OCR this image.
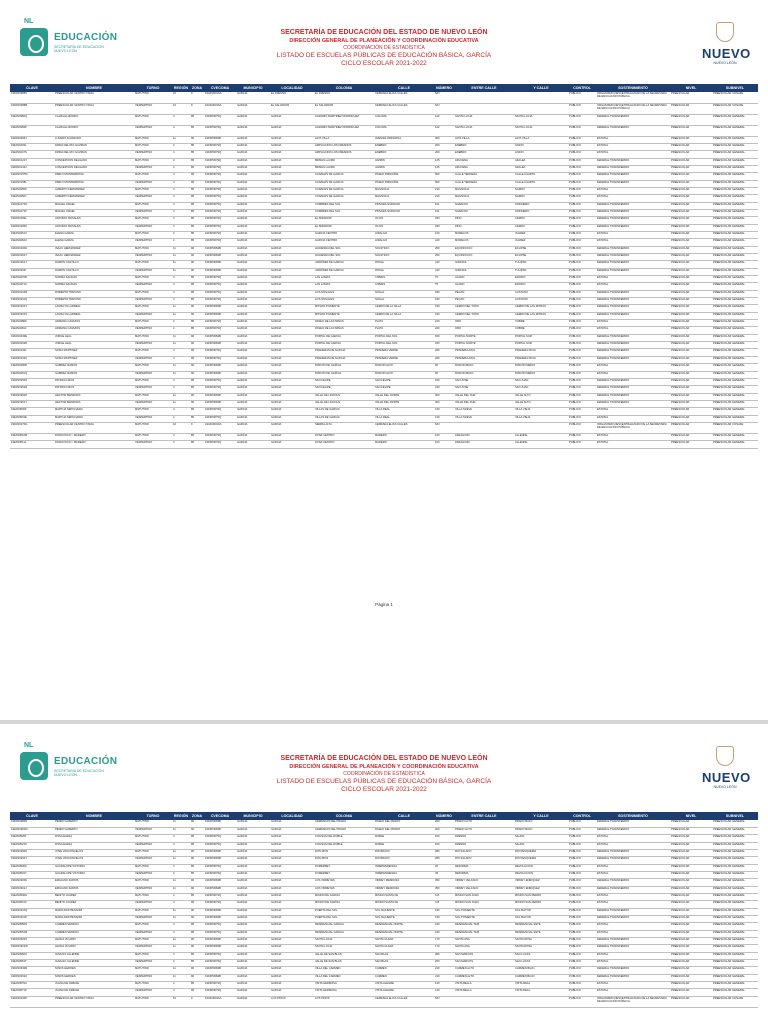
NL
EDUCACIÓN
SECRETARÍA DE EDUCACIÓN · NUEVO LEÓN
SECRETARÍA DE EDUCACIÓN DEL ESTADO DE NUEVO LEÓN
DIRECCIÓN GENERAL DE PLANEACIÓN Y COORDINACIÓN EDUCATIVA
COORDINACIÓN DE ESTADÍSTICA
LISTADO DE ESCUELAS PÚBLICAS DE EDUCACIÓN BÁSICA, GARCÍA
CICLO ESCOLAR 2021-2022
NUEVO
NUEVO LEÓN
CLAVE	NOMBRE	TURNO	REGIÓN	ZONA	CVECOMA	MUNICIPIO	LOCALIDAD	COLONIA	CALLE	NÚMERO	ENTRE CALLE	Y CALLE	CONTROL	SOSTENIMIENTO	NIVEL	SUBNIVEL
19DJN0085C	PREESCOLAR CENTRO TANIA	MATUTINO	10	9	19ADU0016A	GARCÍA	EL FRESNO	EL FRESNO	CERRADA ELÍAS CALLES	S/N			PÚBLICO	ORGANISMO DESCENTRALIZADO DE LA SECRETARÍA DE EDUCACIÓN PÚBLICA	PREESCOLAR	PREESCOLAR CONAFE
19DJN0086B	PREESCOLAR CENTRO TANIA	VESPERTINO	10	9	19ADU0016A	GARCÍA	EL SALVADOR	EL SALVADOR	CERRADA ELÍAS CALLES	S/N			PÚBLICO	ORGANISMO DESCENTRALIZADO DE LA SECRETARÍA DE EDUCACIÓN PÚBLICA	PREESCOLAR	PREESCOLAR CONAFE
19EJN0382Q	CLARA ELIZONDO	MATUTINO	4	85	19FZP0079Q	GARCÍA	GARCÍA	AGRARIO MARTINEZ DOMÍNGUEZ	COLOMA	122	SANTA LUCÍA	SANTA LUCÍA	PÚBLICO	FEDERAL TRANSFERIDO	PREESCOLAR	PREESCOLAR GENERAL
19EJN0383P	CLARA ELIZONDO	VESPERTINO	4	85	19FZP0079Q	GARCÍA	GARCÍA	AGRARIO MARTINEZ DOMÍNGUEZ	COLOMA	122	SANTA LUCÍA	SANTA LUCÍA	PÚBLICO	FEDERAL TRANSFERIDO	PREESCOLAR	PREESCOLAR GENERAL
19DJN0095J	LUCERO ALVARADO	MATUTINO	11	90	19FZP0084B	GARCÍA	GARCÍA	ALTA VILLA	AVENIDA PRINCIPAL	300	ALTA VILLA	ALTA VILLA	PÚBLICO	ESTATAL	PREESCOLAR	PREESCOLAR GENERAL
19EJN0433L	FRIDA DEL RÍO GUZMÁN	MATUTINO	4	85	19FZP0079Q	GARCÍA	GARCÍA	AMPLIACIÓN LOS FRESNOS	ENEBRO	200	ENEBRO	LIMÓN	PÚBLICO	ESTATAL	PREESCOLAR	PREESCOLAR GENERAL
19EJN0447S	FRIDA DEL RÍO GUZMÁN	VESPERTINO	4	85	19FZP0079Q	GARCÍA	GARCÍA	AMPLIACIÓN LOS FRESNOS	ENEBRO	200	ENEBRO	LIMÓN	PÚBLICO	ESTATAL	PREESCOLAR	PREESCOLAR GENERAL
19DJN0121Y	CONCEPCIÓN DELGADO	MATUTINO	4	85	19FZP0079Q	GARCÍA	GARCÍA	BRISAS LAURO	JAZMÍN	145	AZUCENA	AZALEA	PÚBLICO	FEDERAL TRANSFERIDO	PREESCOLAR	PREESCOLAR GENERAL
19DJN0143J	CONCEPCIÓN DELGADO	VESPERTINO	4	85	19FZP0079Q	GARCÍA	GARCÍA	BRISAS LAURO	JAZMÍN	145	AZUCENA	AZALEA	PÚBLICO	FEDERAL TRANSFERIDO	PREESCOLAR	PREESCOLAR GENERAL
19DJN0157M	PABLO MONTERROSA	MATUTINO	4	85	19FZP0079Q	GARCÍA	GARCÍA	CAÑADAS DE GARCÍA	PASEO PRINCIPAL	500	CALLE TERCERA	CALLE CUARTA	PÚBLICO	FEDERAL TRANSFERIDO	PREESCOLAR	PREESCOLAR GENERAL
19DJN0158L	PABLO MONTERROSA	VESPERTINO	4	85	19FZP0079Q	GARCÍA	GARCÍA	CAÑADAS DE GARCÍA	PASEO PRINCIPAL	500	CALLE TERCERA	CALLE CUARTA	PÚBLICO	FEDERAL TRANSFERIDO	PREESCOLAR	PREESCOLAR GENERAL
19EJN0455K	ALBERTO FERNÁNDEZ	MATUTINO	4	85	19FZP0079Q	GARCÍA	GARCÍA	CAÑADAS DE GARCÍA	MAGNOLIA	210	MAGNOLIA	NARDO	PÚBLICO	ESTATAL	PREESCOLAR	PREESCOLAR GENERAL
19EJN0456J	ALBERTO FERNÁNDEZ	VESPERTINO	4	85	19FZP0079Q	GARCÍA	GARCÍA	CAÑADAS DE GARCÍA	MAGNOLIA	210	MAGNOLIA	NARDO	PÚBLICO	ESTATAL	PREESCOLAR	PREESCOLAR GENERAL
19DJN0170G	MIGUEL ÁNGEL	MATUTINO	4	85	19FZP0079Q	GARCÍA	GARCÍA	CUMBRES DEL SOL	PRIVADA NARANJO	101	NARANJO	LIMONERO	PÚBLICO	FEDERAL TRANSFERIDO	PREESCOLAR	PREESCOLAR GENERAL
19DJN0171F	MIGUEL ÁNGEL	VESPERTINO	4	85	19FZP0079Q	GARCÍA	GARCÍA	CUMBRES DEL SOL	PRIVADA NARANJO	101	NARANJO	LIMONERO	PÚBLICO	FEDERAL TRANSFERIDO	PREESCOLAR	PREESCOLAR GENERAL
19DJN0182L	ANTONIO ROSALES	MATUTINO	4	85	19FZP0079Q	GARCÍA	GARCÍA	EL MIRADOR	OLIVO	330	PINO	CEDRO	PÚBLICO	FEDERAL TRANSFERIDO	PREESCOLAR	PREESCOLAR GENERAL
19DJN0183K	ANTONIO ROSALES	VESPERTINO	4	85	19FZP0079Q	GARCÍA	GARCÍA	EL MIRADOR	OLIVO	330	PINO	CEDRO	PÚBLICO	FEDERAL TRANSFERIDO	PREESCOLAR	PREESCOLAR GENERAL
19EJN0461V	ELENA GARZA	MATUTINO	4	85	19FZP0079Q	GARCÍA	GARCÍA	GARCÍA CENTRO	HIDALGO	120	MORELOS	JUÁREZ	PÚBLICO	ESTATAL	PREESCOLAR	PREESCOLAR GENERAL
19EJN0462U	ELENA GARZA	VESPERTINO	4	85	19FZP0079Q	GARCÍA	GARCÍA	GARCÍA CENTRO	HIDALGO	120	MORELOS	JUÁREZ	PÚBLICO	ESTATAL	PREESCOLAR	PREESCOLAR GENERAL
19DJN0190U	ISAAC HERNÁNDEZ	MATUTINO	11	90	19FZP0084B	GARCÍA	GARCÍA	HACIENDA DEL SOL	SOLSTICIO	250	EQUINOCCIO	ECLIPSE	PÚBLICO	FEDERAL TRANSFERIDO	PREESCOLAR	PREESCOLAR GENERAL
19DJN0191T	ISAAC HERNÁNDEZ	VESPERTINO	11	90	19FZP0084B	GARCÍA	GARCÍA	HACIENDA DEL SOL	SOLSTICIO	250	EQUINOCCIO	ECLIPSE	PÚBLICO	FEDERAL TRANSFERIDO	PREESCOLAR	PREESCOLAR GENERAL
19DJN0201J	RAMÓN CASTILLO	MATUTINO	11	90	19FZP0084B	GARCÍA	GARCÍA	JARDINES DE GARCÍA	ROSAL	410	GIRASOL	TULIPÁN	PÚBLICO	FEDERAL TRANSFERIDO	PREESCOLAR	PREESCOLAR GENERAL
19DJN0202I	RAMÓN CASTILLO	VESPERTINO	11	90	19FZP0084B	GARCÍA	GARCÍA	JARDINES DE GARCÍA	ROSAL	410	GIRASOL	TULIPÁN	PÚBLICO	FEDERAL TRANSFERIDO	PREESCOLAR	PREESCOLAR GENERAL
19EJN0470D	NORMA SALINAS	MATUTINO	4	85	19FZP0079Q	GARCÍA	GARCÍA	LAS LOMAS	CIPRÉS	75	ÁLAMO	ENCINO	PÚBLICO	ESTATAL	PREESCOLAR	PREESCOLAR GENERAL
19EJN0471C	NORMA SALINAS	VESPERTINO	4	85	19FZP0079Q	GARCÍA	GARCÍA	LAS LOMAS	CIPRÉS	75	ÁLAMO	ENCINO	PÚBLICO	ESTATAL	PREESCOLAR	PREESCOLAR GENERAL
19DJN0210R	ROBERTO TREVIÑO	MATUTINO	4	85	19FZP0079Q	GARCÍA	GARCÍA	LOS NOGALES	NOGAL	180	PECÁN	CASTAÑO	PÚBLICO	FEDERAL TRANSFERIDO	PREESCOLAR	PREESCOLAR GENERAL
19DJN0211Q	ROBERTO TREVIÑO	VESPERTINO	4	85	19FZP0079Q	GARCÍA	GARCÍA	LOS NOGALES	NOGAL	180	PECÁN	CASTAÑO	PÚBLICO	FEDERAL TRANSFERIDO	PREESCOLAR	PREESCOLAR GENERAL
19DJN0220Y	LAURA VILLARREAL	MATUTINO	11	90	19FZP0084B	GARCÍA	GARCÍA	MITRAS PONIENTE	CERRO DE LA SILLA	340	CERRO DEL TOPO	CERRO DE LAS MITRAS	PÚBLICO	FEDERAL TRANSFERIDO	PREESCOLAR	PREESCOLAR GENERAL
19DJN0221X	LAURA VILLARREAL	VESPERTINO	11	90	19FZP0084B	GARCÍA	GARCÍA	MITRAS PONIENTE	CERRO DE LA SILLA	340	CERRO DEL TOPO	CERRO DE LAS MITRAS	PÚBLICO	FEDERAL TRANSFERIDO	PREESCOLAR	PREESCOLAR GENERAL
19EJN0480K	ADRIANA CAVAZOS	MATUTINO	4	85	19FZP0079Q	GARCÍA	GARCÍA	PASEO DE LAS MINAS	PLATA	220	ORO	COBRE	PÚBLICO	ESTATAL	PREESCOLAR	PREESCOLAR GENERAL
19EJN0481J	ADRIANA CAVAZOS	VESPERTINO	4	85	19FZP0079Q	GARCÍA	GARCÍA	PASEO DE LAS MINAS	PLATA	220	ORO	COBRE	PÚBLICO	ESTATAL	PREESCOLAR	PREESCOLAR GENERAL
19DJN0230E	JORGE LEAL	MATUTINO	11	90	19FZP0084B	GARCÍA	GARCÍA	PORTAL DE GARCÍA	PORTAL DEL SOL	150	PORTAL NORTE	PORTAL SUR	PÚBLICO	FEDERAL TRANSFERIDO	PREESCOLAR	PREESCOLAR GENERAL
19DJN0231D	JORGE LEAL	VESPERTINO	11	90	19FZP0084B	GARCÍA	GARCÍA	PORTAL DE GARCÍA	PORTAL DEL SOL	150	PORTAL NORTE	PORTAL SUR	PÚBLICO	FEDERAL TRANSFERIDO	PREESCOLAR	PREESCOLAR GENERAL
19DJN0240L	SOFÍA MARTÍNEZ	MATUTINO	4	85	19FZP0079Q	GARCÍA	GARCÍA	PRADERAS DE GARCÍA	PRADERA VERDE	260	PRADERA AZUL	PRADERA ROJA	PÚBLICO	FEDERAL TRANSFERIDO	PREESCOLAR	PREESCOLAR GENERAL
19DJN0241K	SOFÍA MARTÍNEZ	VESPERTINO	4	85	19FZP0079Q	GARCÍA	GARCÍA	PRADERAS DE GARCÍA	PRADERA VERDE	260	PRADERA AZUL	PRADERA ROJA	PÚBLICO	FEDERAL TRANSFERIDO	PREESCOLAR	PREESCOLAR GENERAL
19EJN0490R	GABRIEL RAMOS	MATUTINO	11	90	19FZP0084B	GARCÍA	GARCÍA	RINCÓN DE GARCÍA	RINCÓN ALTO	90	RINCÓN BAJO	RINCÓN MEDIO	PÚBLICO	ESTATAL	PREESCOLAR	PREESCOLAR GENERAL
19EJN0491Q	GABRIEL RAMOS	VESPERTINO	11	90	19FZP0084B	GARCÍA	GARCÍA	RINCÓN DE GARCÍA	RINCÓN ALTO	90	RINCÓN BAJO	RINCÓN MEDIO	PÚBLICO	ESTATAL	PREESCOLAR	PREESCOLAR GENERAL
19DJN0250S	PATRICIA RÍOS	MATUTINO	4	85	19FZP0079Q	GARCÍA	GARCÍA	SAN FELIPE	SAN FELIPE	310	SAN JOSÉ	SAN JUAN	PÚBLICO	FEDERAL TRANSFERIDO	PREESCOLAR	PREESCOLAR GENERAL
19DJN0251R	PATRICIA RÍOS	VESPERTINO	4	85	19FZP0079Q	GARCÍA	GARCÍA	SAN FELIPE	SAN FELIPE	310	SAN JOSÉ	SAN JUAN	PÚBLICO	FEDERAL TRANSFERIDO	PREESCOLAR	PREESCOLAR GENERAL
19DJN0260Z	HÉCTOR MENDOZA	MATUTINO	11	90	19FZP0084B	GARCÍA	GARCÍA	VALLE DE LINCOLN	VALLE DEL NORTE	400	VALLE DEL SUR	VALLE ALTO	PÚBLICO	FEDERAL TRANSFERIDO	PREESCOLAR	PREESCOLAR GENERAL
19DJN0261Y	HÉCTOR MENDOZA	VESPERTINO	11	90	19FZP0084B	GARCÍA	GARCÍA	VALLE DE LINCOLN	VALLE DEL NORTE	400	VALLE DEL SUR	VALLE ALTO	PÚBLICO	FEDERAL TRANSFERIDO	PREESCOLAR	PREESCOLAR GENERAL
19EJN0500F	MARTHA SEPÚLVEDA	MATUTINO	4	85	19FZP0079Q	GARCÍA	GARCÍA	VILLAS DE GARCÍA	VILLA REAL	130	VILLA NUEVA	VILLA VIEJA	PÚBLICO	ESTATAL	PREESCOLAR	PREESCOLAR GENERAL
19EJN0501E	MARTHA SEPÚLVEDA	VESPERTINO	4	85	19FZP0079Q	GARCÍA	GARCÍA	VILLAS DE GARCÍA	VILLA REAL	130	VILLA NUEVA	VILLA VIEJA	PÚBLICO	ESTATAL	PREESCOLAR	PREESCOLAR GENERAL
19DJN0270G	PREESCOLAR CENTRO TANIA	MATUTINO	10	9	19ADU0016A	GARCÍA	GARCÍA	SIERRA ALTA	CERRADA ELÍAS CALLES	S/N			PÚBLICO	ORGANISMO DESCENTRALIZADO DE LA SECRETARÍA DE EDUCACIÓN PÚBLICA	PREESCOLAR	PREESCOLAR CONAFE
19EJN0510M	FRANCISCO I. MADERO	MATUTINO	4	85	19FZP0079Q	GARCÍA	GARCÍA	ZONA CENTRO	MADERO	100	ZARAGOZA	ALLENDE	PÚBLICO	ESTATAL	PREESCOLAR	PREESCOLAR GENERAL
19EJN0511L	FRANCISCO I. MADERO	VESPERTINO	4	85	19FZP0079Q	GARCÍA	GARCÍA	ZONA CENTRO	MADERO	100	ZARAGOZA	ALLENDE	PÚBLICO	ESTATAL	PREESCOLAR	PREESCOLAR GENERAL
Página 1
NL
EDUCACIÓN
SECRETARÍA DE EDUCACIÓN · NUEVO LEÓN
SECRETARÍA DE EDUCACIÓN DEL ESTADO DE NUEVO LEÓN
DIRECCIÓN GENERAL DE PLANEACIÓN Y COORDINACIÓN EDUCATIVA
COORDINACIÓN DE ESTADÍSTICA
LISTADO DE ESCUELAS PÚBLICAS DE EDUCACIÓN BÁSICA, GARCÍA
CICLO ESCOLAR 2021-2022
NUEVO
NUEVO LEÓN
CLAVE	NOMBRE	TURNO	REGIÓN	ZONA	CVECOMA	MUNICIPIO	LOCALIDAD	COLONIA	CALLE	NÚMERO	ENTRE CALLE	Y CALLE	CONTROL	SOSTENIMIENTO	NIVEL	SUBNIVEL
19DJN0280N	PEDRO ALBERTO	MATUTINO	11	90	19FZP0084B	GARCÍA	GARCÍA	CERRADAS DEL PRADO	PASEO DEL PRADO	200	PRADO ALTO	PRADO BAJO	PÚBLICO	FEDERAL TRANSFERIDO	PREESCOLAR	PREESCOLAR GENERAL
19DJN0281M	PEDRO ALBERTO	VESPERTINO	11	90	19FZP0084B	GARCÍA	GARCÍA	CERRADAS DEL PRADO	PASEO DEL PRADO	200	PRADO ALTO	PRADO BAJO	PÚBLICO	FEDERAL TRANSFERIDO	PREESCOLAR	PREESCOLAR GENERAL
19EJN0520T	ROSA ELENA	MATUTINO	4	85	19FZP0079Q	GARCÍA	GARCÍA	COLINAS DEL ROBLE	ROBLE	160	FRESNO	SAUCE	PÚBLICO	ESTATAL	PREESCOLAR	PREESCOLAR GENERAL
19EJN0521S	ROSA ELENA	VESPERTINO	4	85	19FZP0079Q	GARCÍA	GARCÍA	COLINAS DEL ROBLE	ROBLE	160	FRESNO	SAUCE	PÚBLICO	ESTATAL	PREESCOLAR	PREESCOLAR GENERAL
19DJN0290U	JOSÉ VASCONCELOS	MATUTINO	11	90	19FZP0084B	GARCÍA	GARCÍA	DOS RÍOS	RÍO BRAVO	280	RÍO SALADO	RÍO PESQUERÍA	PÚBLICO	FEDERAL TRANSFERIDO	PREESCOLAR	PREESCOLAR GENERAL
19DJN0291T	JOSÉ VASCONCELOS	VESPERTINO	11	90	19FZP0084B	GARCÍA	GARCÍA	DOS RÍOS	RÍO BRAVO	280	RÍO SALADO	RÍO PESQUERÍA	PÚBLICO	FEDERAL TRANSFERIDO	PREESCOLAR	PREESCOLAR GENERAL
19EJN0530Z	GUADALUPE VICTORIA	MATUTINO	4	85	19FZP0079Q	GARCÍA	GARCÍA	FOMERREY	INDEPENDENCIA	45	REFORMA	REVOLUCIÓN	PÚBLICO	ESTATAL	PREESCOLAR	PREESCOLAR GENERAL
19EJN0531Y	GUADALUPE VICTORIA	VESPERTINO	4	85	19FZP0079Q	GARCÍA	GARCÍA	FOMERREY	INDEPENDENCIA	45	REFORMA	REVOLUCIÓN	PÚBLICO	ESTATAL	PREESCOLAR	PREESCOLAR GENERAL
19DJN0300K	EMILIANO ZAPATA	MATUTINO	11	90	19FZP0084B	GARCÍA	GARCÍA	LOS VIRREYES	VIRREY MENDOZA	350	VIRREY VELASCO	VIRREY ENRÍQUEZ	PÚBLICO	FEDERAL TRANSFERIDO	PREESCOLAR	PREESCOLAR GENERAL
19DJN0301J	EMILIANO ZAPATA	VESPERTINO	11	90	19FZP0084B	GARCÍA	GARCÍA	LOS VIRREYES	VIRREY MENDOZA	350	VIRREY VELASCO	VIRREY ENRÍQUEZ	PÚBLICO	FEDERAL TRANSFERIDO	PREESCOLAR	PREESCOLAR GENERAL
19EJN0540G	BENITO JUÁREZ	MATUTINO	4	85	19FZP0079Q	GARCÍA	GARCÍA	MISIÓN DE GARCÍA	MISIÓN SANTA FE	115	MISIÓN SAN JUAN	MISIÓN SAN PEDRO	PÚBLICO	ESTATAL	PREESCOLAR	PREESCOLAR GENERAL
19EJN0541F	BENITO JUÁREZ	VESPERTINO	4	85	19FZP0079Q	GARCÍA	GARCÍA	MISIÓN DE GARCÍA	MISIÓN SANTA FE	115	MISIÓN SAN JUAN	MISIÓN SAN PEDRO	PÚBLICO	ESTATAL	PREESCOLAR	PREESCOLAR GENERAL
19DJN0310Q	MARÍA MONTESSORI	MATUTINO	11	90	19FZP0084B	GARCÍA	GARCÍA	PUERTA DEL SOL	SOL NACIENTE	190	SOL PONIENTE	SOL MAYOR	PÚBLICO	FEDERAL TRANSFERIDO	PREESCOLAR	PREESCOLAR GENERAL
19DJN0311P	MARÍA MONTESSORI	VESPERTINO	11	90	19FZP0084B	GARCÍA	GARCÍA	PUERTA DEL SOL	SOL NACIENTE	190	SOL PONIENTE	SOL MAYOR	PÚBLICO	FEDERAL TRANSFERIDO	PREESCOLAR	PREESCOLAR GENERAL
19EJN0550N	CARMEN SERDÁN	MATUTINO	4	85	19FZP0079Q	GARCÍA	GARCÍA	RESIDENCIAL GARCÍA	RESIDENCIAL NORTE	240	RESIDENCIAL SUR	RESIDENCIAL ESTE	PÚBLICO	ESTATAL	PREESCOLAR	PREESCOLAR GENERAL
19EJN0551M	CARMEN SERDÁN	VESPERTINO	4	85	19FZP0079Q	GARCÍA	GARCÍA	RESIDENCIAL GARCÍA	RESIDENCIAL NORTE	240	RESIDENCIAL SUR	RESIDENCIAL ESTE	PÚBLICO	ESTATAL	PREESCOLAR	PREESCOLAR GENERAL
19DJN0320X	LEONA VICARIO	MATUTINO	11	90	19FZP0084B	GARCÍA	GARCÍA	SANTA LUCÍA	SANTA CLARA	170	SANTA ANA	SANTA ROSA	PÚBLICO	FEDERAL TRANSFERIDO	PREESCOLAR	PREESCOLAR GENERAL
19DJN0321W	LEONA VICARIO	VESPERTINO	11	90	19FZP0084B	GARCÍA	GARCÍA	SANTA LUCÍA	SANTA CLARA	170	SANTA ANA	SANTA ROSA	PÚBLICO	FEDERAL TRANSFERIDO	PREESCOLAR	PREESCOLAR GENERAL
19EJN0560U	IGNACIO ALLENDE	MATUTINO	4	85	19FZP0079Q	GARCÍA	GARCÍA	VALLE DE SAN BLAS	SAN BLAS	260	SAN MARCOS	SAN LUCAS	PÚBLICO	ESTATAL	PREESCOLAR	PREESCOLAR GENERAL
19EJN0561T	IGNACIO ALLENDE	VESPERTINO	4	85	19FZP0079Q	GARCÍA	GARCÍA	VALLE DE SAN BLAS	SAN BLAS	260	SAN MARCOS	SAN LUCAS	PÚBLICO	ESTATAL	PREESCOLAR	PREESCOLAR GENERAL
19DJN0330D	NIÑOS HÉROES	MATUTINO	11	90	19FZP0084B	GARCÍA	GARCÍA	VILLA DEL CARMEN	CARMEN	210	CARMEN ALTO	CARMEN BAJO	PÚBLICO	FEDERAL TRANSFERIDO	PREESCOLAR	PREESCOLAR GENERAL
19DJN0331C	NIÑOS HÉROES	VESPERTINO	11	90	19FZP0084B	GARCÍA	GARCÍA	VILLA DEL CARMEN	CARMEN	210	CARMEN ALTO	CARMEN BAJO	PÚBLICO	FEDERAL TRANSFERIDO	PREESCOLAR	PREESCOLAR GENERAL
19EJN0570A	JUANA DE ASBAJE	MATUTINO	4	85	19FZP0079Q	GARCÍA	GARCÍA	VISTA HERMOSA	VISTA ALEGRE	140	VISTA BELLA	VISTA REAL	PÚBLICO	ESTATAL	PREESCOLAR	PREESCOLAR GENERAL
19EJN0571Z	JUANA DE ASBAJE	VESPERTINO	4	85	19FZP0079Q	GARCÍA	GARCÍA	VISTA HERMOSA	VISTA ALEGRE	140	VISTA BELLA	VISTA REAL	PÚBLICO	ESTATAL	PREESCOLAR	PREESCOLAR GENERAL
19DJN0340K	PREESCOLAR CENTRO TANIA	MATUTINO	10	9	19ADU0016A	GARCÍA	LOS PINOS	LOS PINOS	CERRADA ELÍAS CALLES	S/N			PÚBLICO	ORGANISMO DESCENTRALIZADO DE LA SECRETARÍA DE EDUCACIÓN PÚBLICA	PREESCOLAR	PREESCOLAR CONAFE
